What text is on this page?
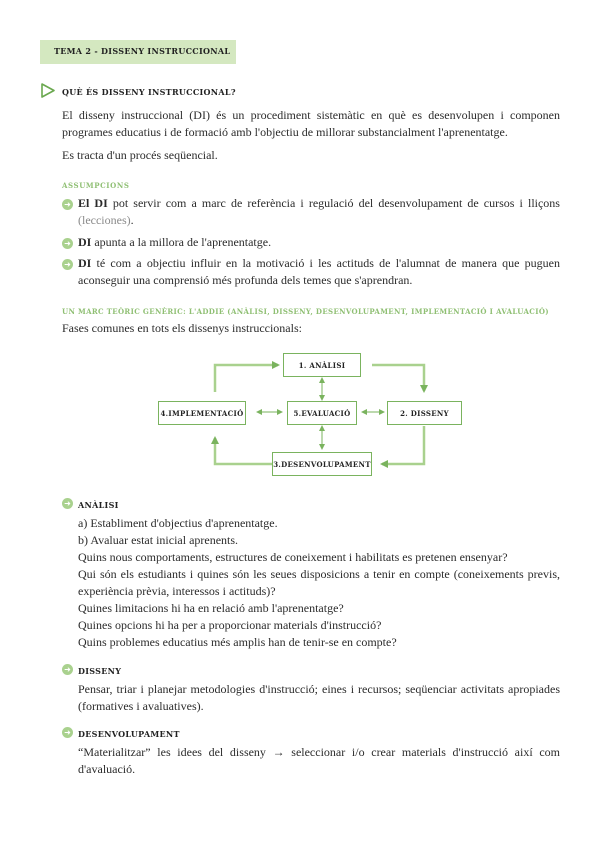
TEMA 2 - DISSENY INSTRUCCIONAL
QUÈ ÉS DISSENY INSTRUCCIONAL?
El disseny instruccional (DI) és un procediment sistemàtic en què es desenvolupen i componen programes educatius i de formació amb l'objectiu de millorar substancialment l'aprenentatge.
Es tracta d'un procés seqüencial.
ASSUMPCIONS
➜ El DI pot servir com a marc de referència i regulació del desenvolupament de cursos i lliçons (lecciones).
➜ DI apunta a la millora de l'aprenentatge.
➜ DI té com a objectiu influir en la motivació i les actituds de l'alumnat de manera que puguen aconseguir una comprensió més profunda dels temes que s'aprendran.
UN MARC TEÒRIC GENÈRIC: L'ADDIE (ANÀLISI, DISSENY, DESENVOLUPAMENT, IMPLEMENTACIÓ I AVALUACIÓ)
Fases comunes en tots els dissenys instruccionals:
1. ANÀLISI
2. DISSENY
3.DESENVOLUPAMENT
4.IMPLEMENTACIÓ	5.EVALUACIÓ
➜ ANÀLISI
a) Establiment d'objectius d'aprenentatge.
b) Avaluar estat inicial aprenents.
Quins nous comportaments, estructures de coneixement i habilitats es pretenen ensenyar?
Qui són els estudiants i quines són les seues disposicions a tenir en compte (coneixements previs, experiència prèvia, interessos i actituds)?
Quines limitacions hi ha en relació amb l'aprenentatge?
Quines opcions hi ha per a proporcionar materials d'instrucció?
Quins problemes educatius més amplis han de tenir-se en compte?
➜ DISSENY
Pensar, triar i planejar metodologies d'instrucció; eines i recursos; seqüenciar activitats apropiades (formatives i avaluatives).
➜ DESENVOLUPAMENT
“Materialitzar” les idees del disseny → seleccionar i/o crear materials d'instrucció així com d'avaluació.
